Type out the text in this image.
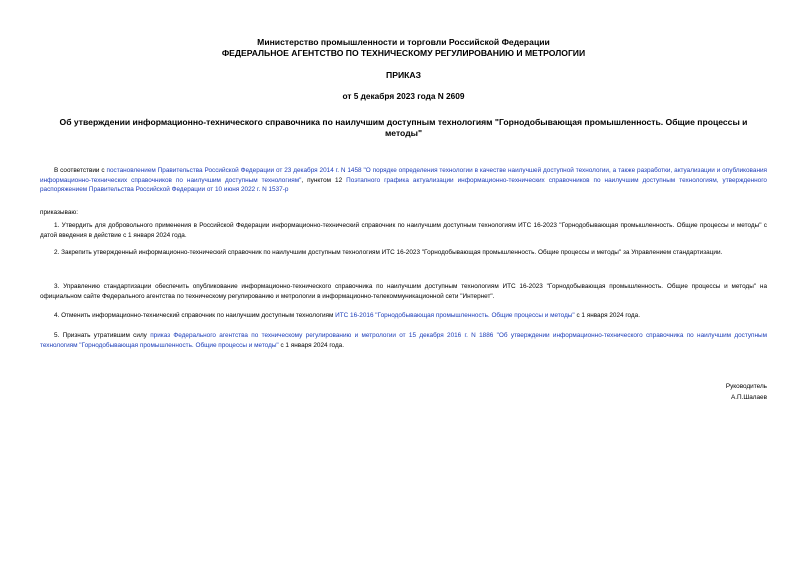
Министерство промышленности и торговли Российской Федерации
ФЕДЕРАЛЬНОЕ АГЕНТСТВО ПО ТЕХНИЧЕСКОМУ РЕГУЛИРОВАНИЮ И МЕТРОЛОГИИ
ПРИКАЗ
от 5 декабря 2023 года N 2609
Об утверждении информационно-технического справочника по наилучшим доступным технологиям "Горнодобывающая промышленность. Общие процессы и методы"
В соответствии с постановлением Правительства Российской Федерации от 23 декабря 2014 г. N 1458 "О порядке определения технологии в качестве наилучшей доступной технологии, а также разработки, актуализации и опубликования информационно-технических справочников по наилучшим доступным технологиям", пунктом 12 Поэтапного графика актуализации информационно-технических справочников по наилучшим доступным технологиям, утвержденного распоряжением Правительства Российской Федерации от 10 июня 2022 г. N 1537-р
приказываю:
1. Утвердить для добровольного применения в Российской Федерации информационно-технический справочник по наилучшим доступным технологиям ИТС 16-2023 "Горнодобывающая промышленность. Общие процессы и методы" с датой введения в действие с 1 января 2024 года.
2. Закрепить утвержденный информационно-технический справочник по наилучшим доступным технологиям ИТС 16-2023 "Горнодобывающая промышленность. Общие процессы и методы" за Управлением стандартизации.
3. Управлению стандартизации обеспечить опубликование информационно-технического справочника по наилучшим доступным технологиям ИТС 16-2023 "Горнодобывающая промышленность. Общие процессы и методы" на официальном сайте Федерального агентства по техническому регулированию и метрологии в информационно-телекоммуникационной сети "Интернет".
4. Отменить информационно-технический справочник по наилучшим доступным технологиям ИТС 16-2016 "Горнодобывающая промышленность. Общие процессы и методы" с 1 января 2024 года.
5. Признать утратившим силу приказ Федерального агентства по техническому регулированию и метрологии от 15 декабря 2016 г. N 1886 "Об утверждении информационно-технического справочника по наилучшим доступным технологиям "Горнодобывающая промышленность. Общие процессы и методы" с 1 января 2024 года.
Руководитель
А.П.Шалаев
